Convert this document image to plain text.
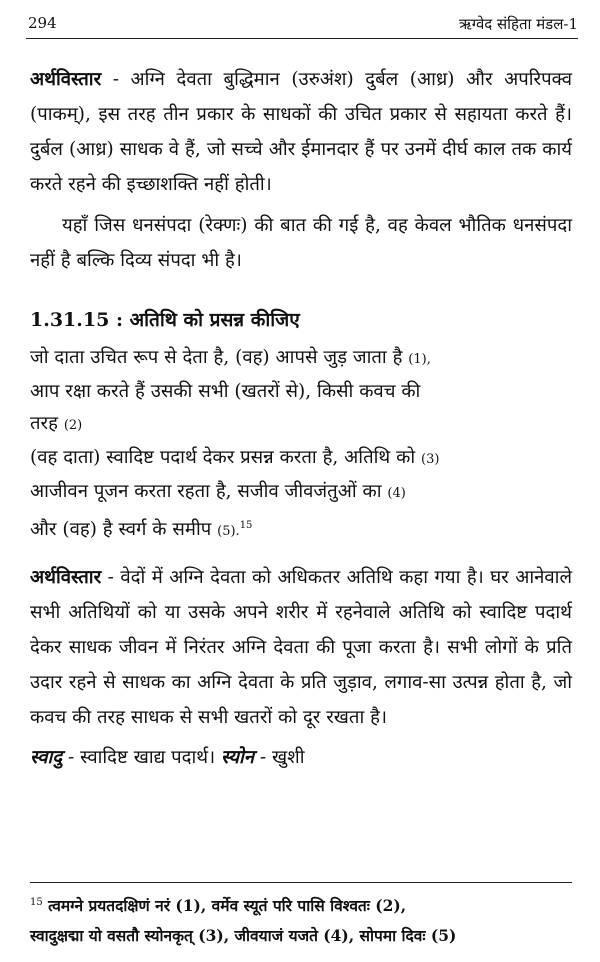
294	ऋग्वेद संहिता मंडल-1

अर्थविस्तार - अग्नि देवता बुद्धिमान (उरुअंश) दुर्बल (आध्र) और अपरिपक्व (पाकम्), इस तरह तीन प्रकार के साधकों की उचित प्रकार से सहायता करते हैं। दुर्बल (आध्र) साधक वे हैं, जो सच्चे और ईमानदार हैं पर उनमें दीर्घ काल तक कार्य करते रहने की इच्छाशक्ति नहीं होती।

यहाँ जिस धनसंपदा (रेक्णः) की बात की गई है, वह केवल भौतिक धनसंपदा नहीं है बल्कि दिव्य संपदा भी है।

1.31.15 : अतिथि को प्रसन्न कीजिए

जो दाता उचित रूप से देता है, (वह) आपसे जुड़ जाता है (1),

आप रक्षा करते हैं उसकी सभी (खतरों से), किसी कवच की

तरह (2)

(वह दाता) स्वादिष्ट पदार्थ देकर प्रसन्न करता है, अतिथि को (3)

आजीवन पूजन करता रहता है, सजीव जीवजंतुओं का (4)

और (वह) है स्वर्ग के समीप (5).$^{15}$

अर्थविस्तार - वेदों में अग्नि देवता को अधिकतर अतिथि कहा गया है। घर आनेवाले सभी अतिथियों को या उसके अपने शरीर में रहनेवाले अतिथि को स्वादिष्ट पदार्थ देकर साधक जीवन में निरंतर अग्नि देवता की पूजा करता है। सभी लोगों के प्रति उदार रहने से साधक का अग्नि देवता के प्रति जुड़ाव, लगाव-सा उत्पन्न होता है, जो कवच की तरह साधक से सभी खतरों को दूर रखता है।

स्वादु - स्वादिष्ट खाद्य पदार्थ। स्योन - खुशी
$^{15}$ त्वमग्ने प्रयतदक्षिणं नरं (1), वर्मेव स्यूतं परि पासि विश्वतः (2),
स्वादुक्षद्मा यो वसतौ स्योनकृत् (3), जीवयाजं यजते (4), सोपमा दिवः (5)
